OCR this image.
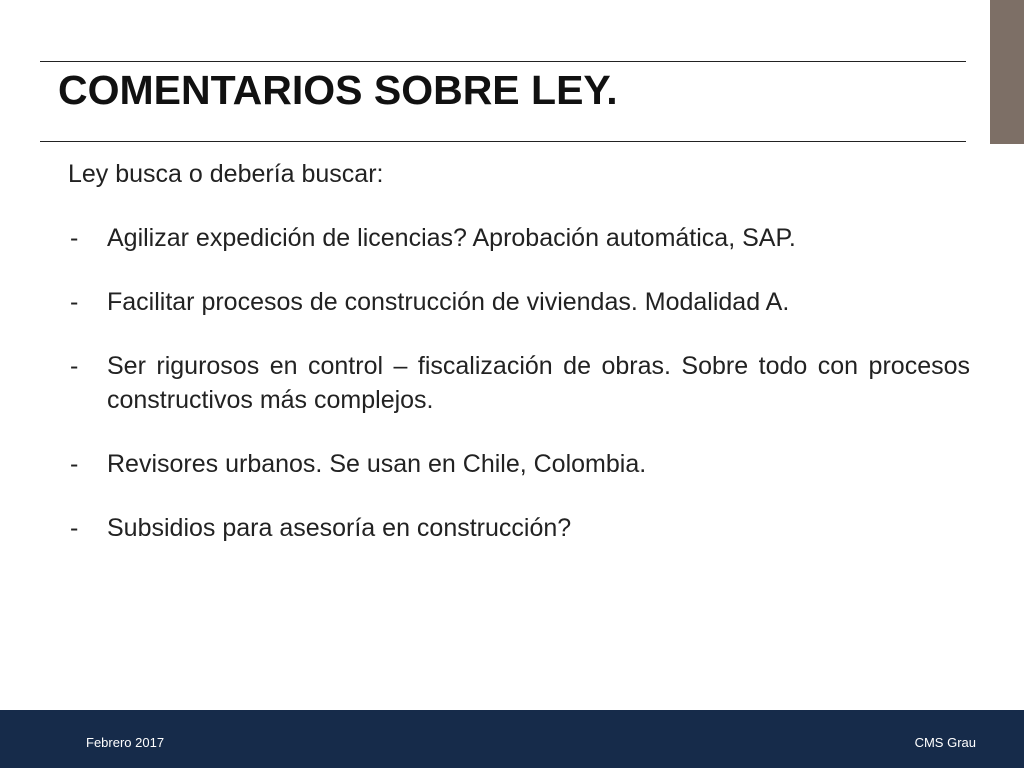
COMENTARIOS SOBRE LEY.

Ley busca o debería buscar:

- Agilizar expedición de licencias? Aprobación automática, SAP.
- Facilitar procesos de construcción de viviendas. Modalidad A.
- Ser rigurosos en control – fiscalización de obras. Sobre todo con procesos constructivos más complejos.
- Revisores urbanos. Se usan en Chile, Colombia.
- Subsidios para asesoría en construcción?
Febrero 2017	CMS Grau
